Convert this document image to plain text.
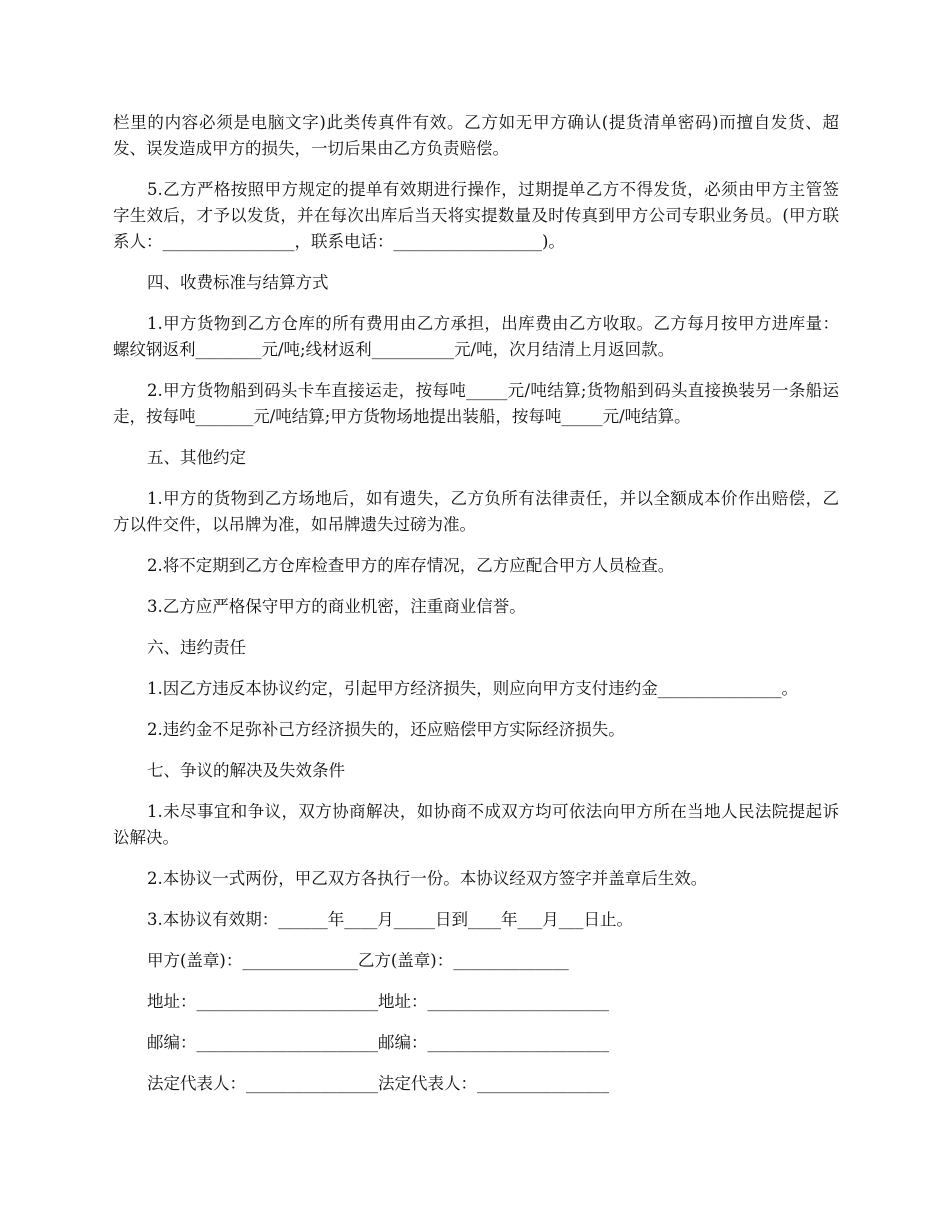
栏里的内容必须是电脑文字)此类传真件有效。乙方如无甲方确认(提货清单密码)而擅自发货、超发、误发造成甲方的损失，一切后果由乙方负责赔偿。

5.乙方严格按照甲方规定的提单有效期进行操作，过期提单乙方不得发货，必须由甲方主管签字生效后，才予以发货，并在每次出库后当天将实提数量及时传真到甲方公司专职业务员。(甲方联系人：________________，联系电话：__________________)。

四、收费标准与结算方式

1.甲方货物到乙方仓库的所有费用由乙方承担，出库费由乙方收取。乙方每月按甲方进库量：螺纹钢返利________元/吨;线材返利__________元/吨，次月结清上月返回款。

2.甲方货物船到码头卡车直接运走，按每吨_____元/吨结算;货物船到码头直接换装另一条船运走，按每吨_______元/吨结算;甲方货物场地提出装船，按每吨_____元/吨结算。

五、其他约定

1.甲方的货物到乙方场地后，如有遗失，乙方负所有法律责任，并以全额成本价作出赔偿，乙方以件交件，以吊牌为准，如吊牌遗失过磅为准。

2.将不定期到乙方仓库检查甲方的库存情况，乙方应配合甲方人员检查。

3.乙方应严格保守甲方的商业机密，注重商业信誉。

六、违约责任

1.因乙方违反本协议约定，引起甲方经济损失，则应向甲方支付违约金_______________。

2.违约金不足弥补己方经济损失的，还应赔偿甲方实际经济损失。

七、争议的解决及失效条件

1.未尽事宜和争议，双方协商解决，如协商不成双方均可依法向甲方所在当地人民法院提起诉讼解决。

2.本协议一式两份，甲乙双方各执行一份。本协议经双方签字并盖章后生效。

3.本协议有效期：______年____月_____日到____年___月___日止。

甲方(盖章)：______________乙方(盖章)：______________

地址：______________________地址：______________________

邮编：______________________邮编：______________________

法定代表人：________________法定代表人：________________
